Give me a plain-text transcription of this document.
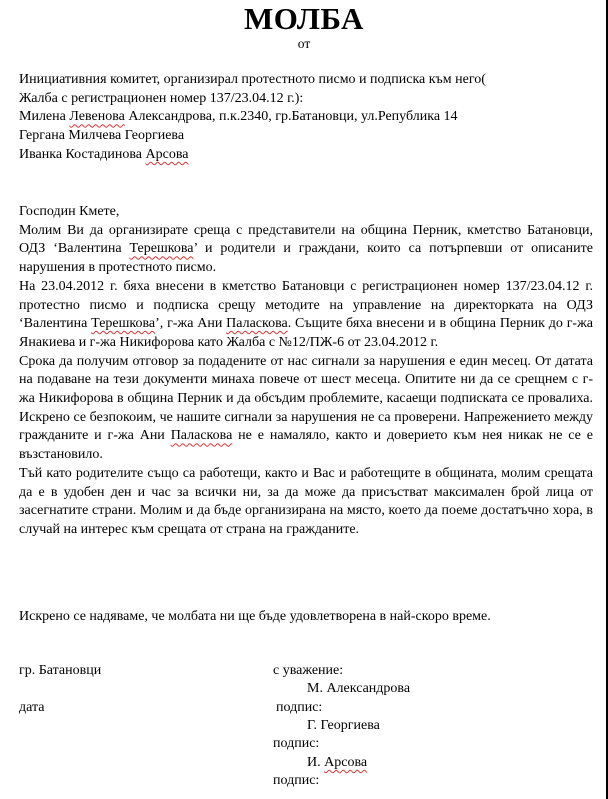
МОЛБА
от
Инициативния комитет, организирал протестното писмо и подписка към него(
Жалба с регистрационен номер 137/23.04.12 г.):
Милена Левенова Александрова, п.к.2340, гр.Батановци, ул.Република 14
Гергана Милчева Георгиева
Иванка Костадинова Арсова
Господин Кмете,
Молим Ви да организирате среща с представители на община Перник, кметство Батановци, ОДЗ ‘Валентина Терешкова’ и родители и граждани, които са потърпевши от описаните нарушения в протестното писмо.
На 23.04.2012 г. бяха внесени в кметство Батановци с регистрационен номер 137/23.04.12 г. протестно писмо и подписка срещу методите на управление на директорката на ОДЗ ‘Валентина Терешкова’, г-жа Ани Паласкова. Същите бяха внесени и в община Перник до г-жа Янакиева и г-жа Никифорова като Жалба с №12/ПЖ-6 от 23.04.2012 г.
Срока да получим отговор за подадените от нас сигнали за нарушения е един месец. От датата на подаване на тези документи минаха повече от шест месеца. Опитите ни да се срещнем с г-жа Никифорова в община Перник и да обсъдим проблемите, касаещи подписката се провалиха. Искрено се безпокоим, че нашите сигнали за нарушения не са проверени. Напрежението между гражданите и г-жа Ани Паласкова не е намаляло, както и доверието към нея никак не се е възстановило.
Тъй като родителите също са работещи, както и Вас и работещите в общината, молим срещата да е в удобен ден и час за всички ни, за да може да присъстват максимален брой лица от засегнатите страни. Молим и да бъде организирана на място, което да поеме достатъчно хора, в случай на интерес към срещата от страна на гражданите.
Искрено се надяваме, че молбата ни ще бъде удовлетворена в най-скоро време.
гр. Батановци
дата
с уважение:
М. Александрова
подпис:
Г. Георгиева
подпис:
И. Арсова
подпис:
